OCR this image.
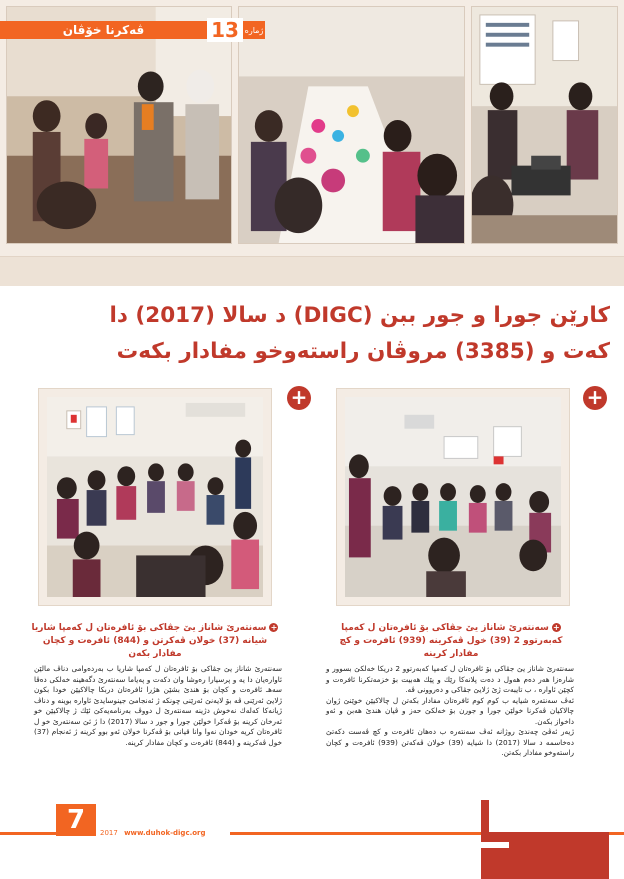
ڤەكرنا خۆڤان	13 ژمارە
كارێن جورا و جور ببن (DIGC) د سالا (2017) دا
كەت و (3385) مروڤان راستەوخو مفادار بكەت
+	+
+سەنتەرێ شاناز یێ جڤاكی بۆ ئافرەتان ل كەمپا شاریا شیانە (37) خولان ڤەكرتن و (844) ئافرەت و كچان مفادار بكەن
+سەنتەرێ شاناز یێ جڤاكی بۆ ئافرەتان ل كەمپا كەبەرتوو 2 (39) خول ڤەكرينە (939) ئافرەت و كچ مفادار كرينە

سەنتەرێ شاناز یێ جڤاكی بۆ ئافرەتان ل كەمپا شاریا ب بەردەوامی دناڤ مالێن ئاوارەیان دا یە و پرسیارا رەوشا وان دكەت و پەیاما سەنتەرێ دگەهینە خەلكی دەڤا سەهـ ئافرەت و كچان بۆ هندێ بشێن هژرا ئافرەتان دربكا چالاكیێن خودا بكون ژلایێ ئەرێنی ڤە بۆ لایەنێ ئەرێنی چونكە ژ ئەنجامێ جینوسایدێ ئاوارە بوینە و دناڤ ژیانەكا كەلەك نەخوش دژینە سەنتەرێ ل دووڤ بەرنامەیەكێ ئێك ژ چالاكیێن خو ئەرخان كرینە بۆ ڤەكرا خولێن جورا و جور د سالا (2017) دا ژ ئێ سەنتەرێ خو ل ئافرەتان كریە خودان نەوا وانا قیانی بۆ ڤەكرنا خولان ئەو بوو كرینە ژ ئەنجام (37) خول ڤەكرینە و (844) ئافرەت و كچان مفادار كرینە.

سەنتەرێ شاناز یێ جڤاكی بۆ ئافرەتان ل كەمپا كەبەرتوو 2 دریكا خەلكێ بسوور و شارەزا هەر دەم هەول د دەت پلانەكا رێك و پێك هەبیت بۆ خزمەتكرنا ئافرەت و كچێن ئاوارە ، ب تایبەت ژێ ژلایێ جڤاكی و دەروونی ڤە.

ئەڤ سەنتەرە شیایە ب كوم كوم ئافرەتان مفادار بكەتن ل چالاكیێن خوێنێ ژوان چالاكیان ڤەكرنا خولێن جورا و جورن بۆ خەلكێ حەز و ڤیان هندێ هەبن و ئەو داخواز بكەن.

ژیەر ئەڤێ چەندێ روژانە ئەڤ سەنتەرە ب دەهان ئافرەت و كچ ڤەست دكەتێ دەخاسمە د سالا (2017) دا شیایە (39) خولان ڤەكەتن (939) ئافرەت و كچان راستەوخو مفادار بكەتن.

7	2017 www.duhok-digc.org
